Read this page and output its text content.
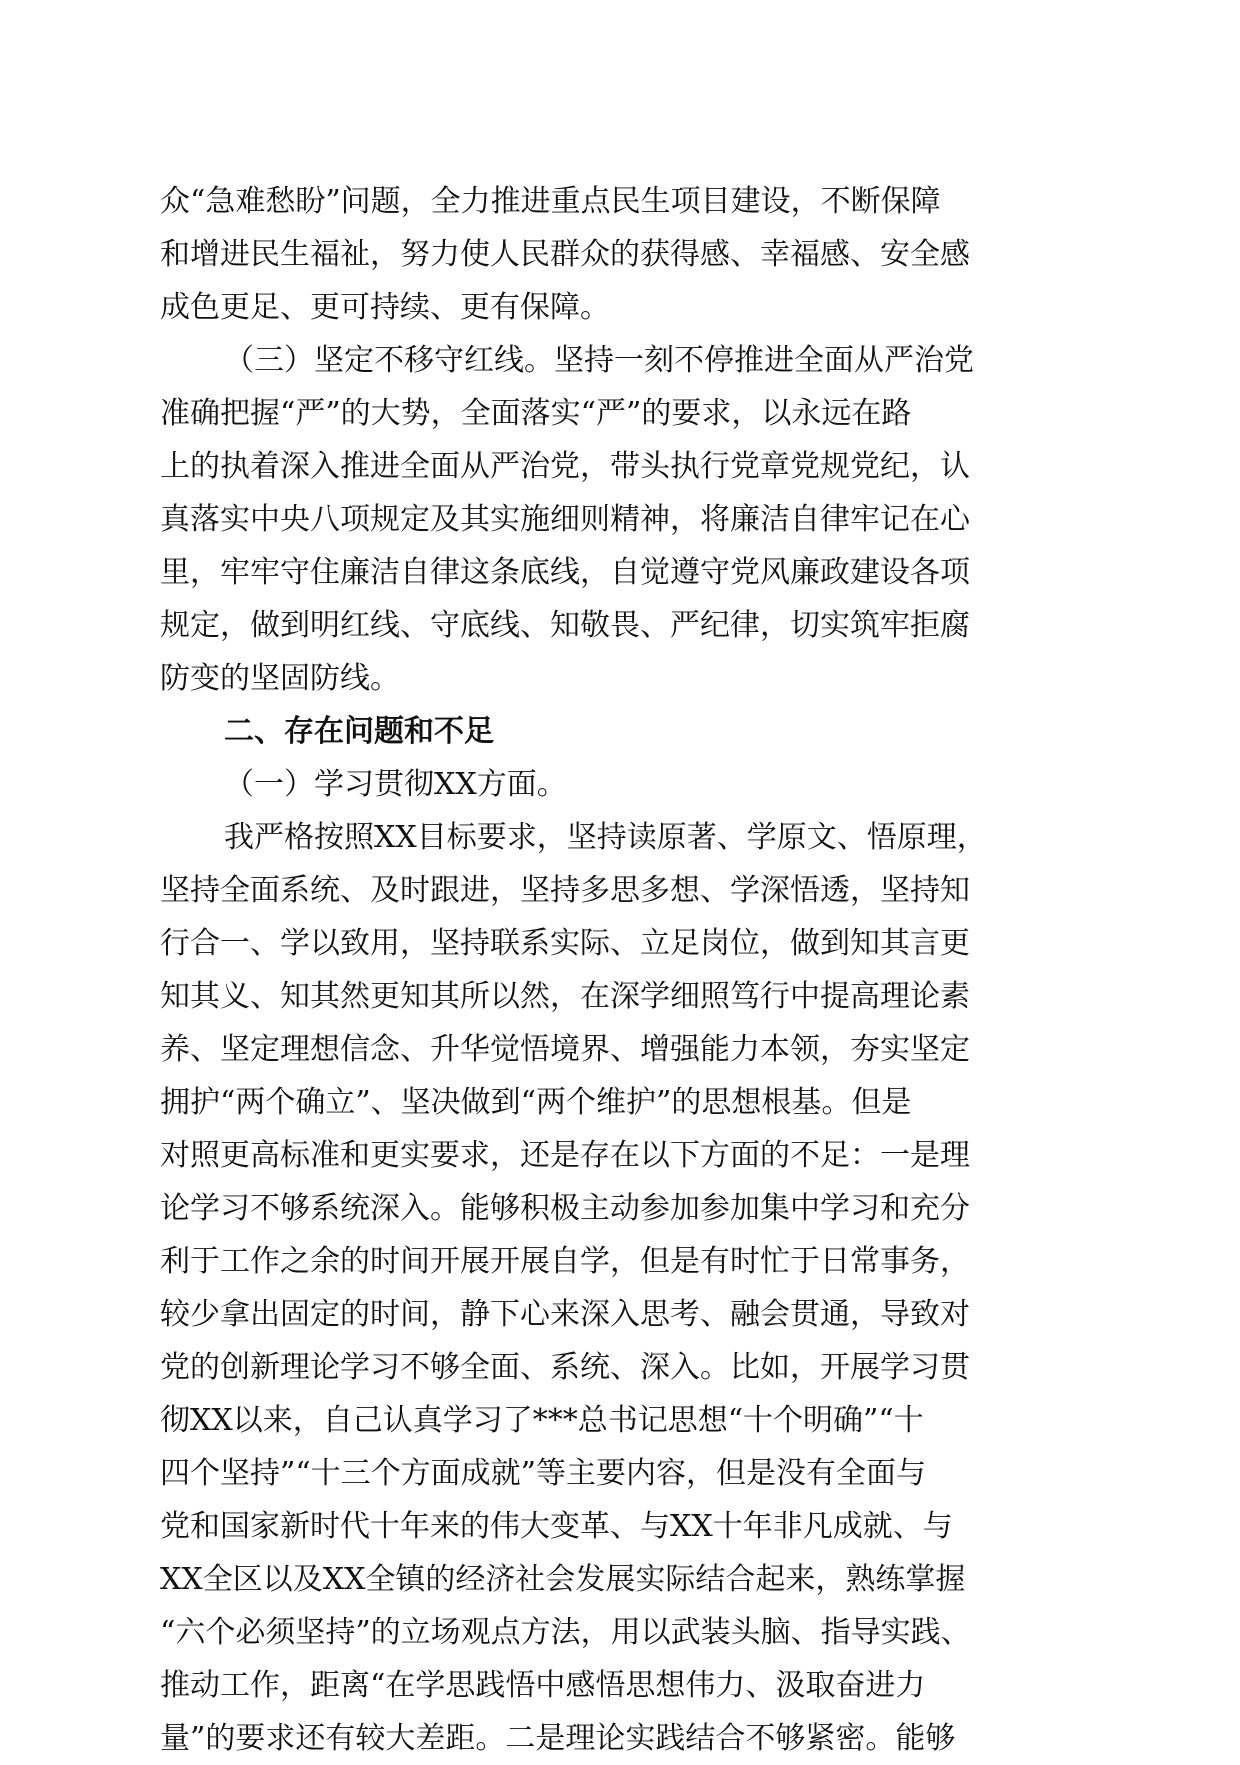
众“急难愁盼”问题，全力推进重点民生项目建设，不断保障
和增进民生福祉，努力使人民群众的获得感、幸福感、安全感
成色更足、更可持续、更有保障。
（三）坚定不移守红线。坚持一刻不停推进全面从严治党
准确把握“严”的大势，全面落实“严”的要求，以永远在路
上的执着深入推进全面从严治党，带头执行党章党规党纪，认
真落实中央八项规定及其实施细则精神，将廉洁自律牢记在心
里，牢牢守住廉洁自律这条底线，自觉遵守党风廉政建设各项
规定，做到明红线、守底线、知敬畏、严纪律，切实筑牢拒腐
防变的坚固防线。
二、存在问题和不足
（一）学习贯彻XX方面。
我严格按照XX目标要求，坚持读原著、学原文、悟原理，
坚持全面系统、及时跟进，坚持多思多想、学深悟透，坚持知
行合一、学以致用，坚持联系实际、立足岗位，做到知其言更
知其义、知其然更知其所以然，在深学细照笃行中提高理论素
养、坚定理想信念、升华觉悟境界、增强能力本领，夯实坚定
拥护“两个确立”、坚决做到“两个维护”的思想根基。但是
对照更高标准和更实要求，还是存在以下方面的不足：一是理
论学习不够系统深入。能够积极主动参加参加集中学习和充分
利于工作之余的时间开展开展自学，但是有时忙于日常事务，
较少拿出固定的时间，静下心来深入思考、融会贯通，导致对
党的创新理论学习不够全面、系统、深入。比如，开展学习贯
彻XX以来，自己认真学习了***总书记思想“十个明确”“十
四个坚持”“十三个方面成就”等主要内容，但是没有全面与
党和国家新时代十年来的伟大变革、与XX十年非凡成就、与
XX全区以及XX全镇的经济社会发展实际结合起来，熟练掌握
“六个必须坚持”的立场观点方法，用以武装头脑、指导实践、
推动工作，距离“在学思践悟中感悟思想伟力、汲取奋进力
量”的要求还有较大差距。二是理论实践结合不够紧密。能够
